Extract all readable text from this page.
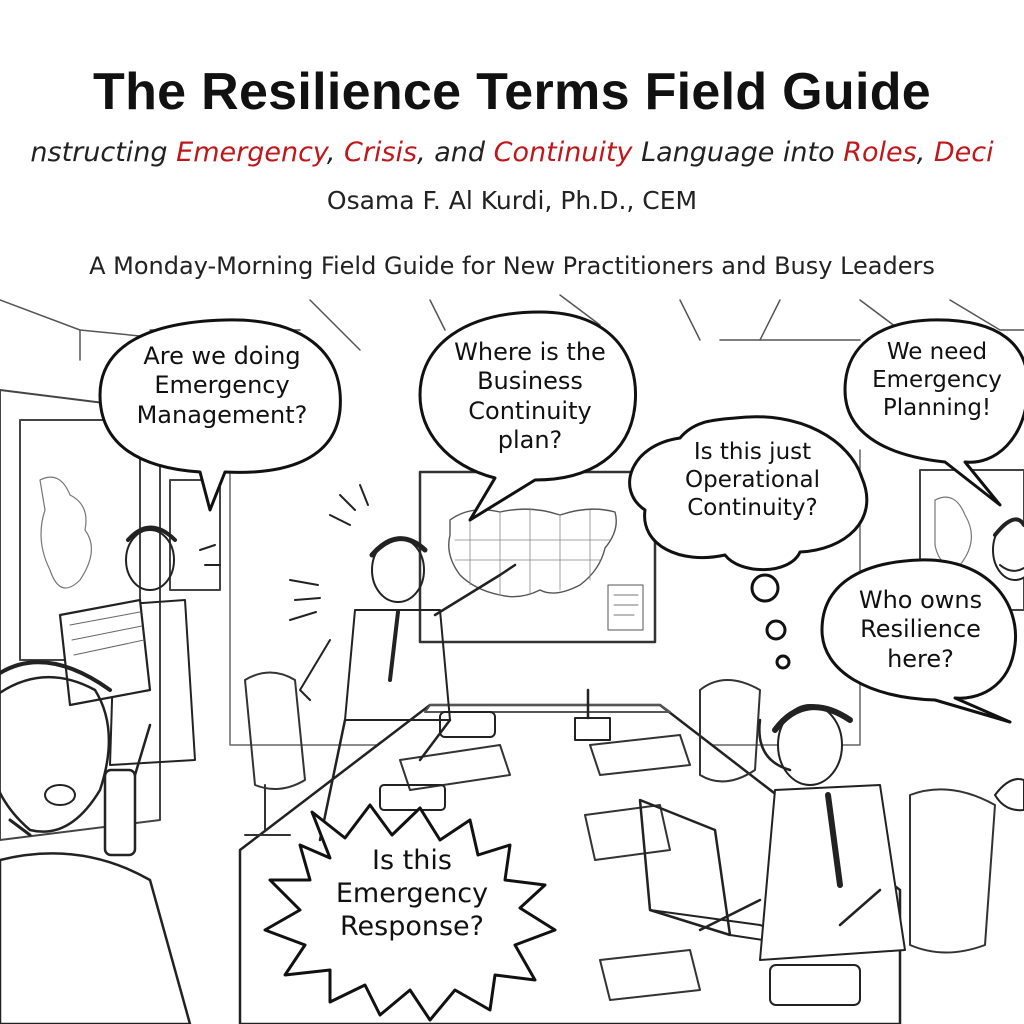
The Resilience Terms Field Guide
nstructing Emergency, Crisis, and Continuity Language into Roles, Deci
Osama F. Al Kurdi, Ph.D., CEM
A Monday-Morning Field Guide for New Practitioners and Busy Leaders
Are we doing Emergency Management?
Where is the Business Continuity plan?	Is this just Operational Continuity?
We need Emergency Planning!
Who owns Resilience here?
Is this Emergency Response?
